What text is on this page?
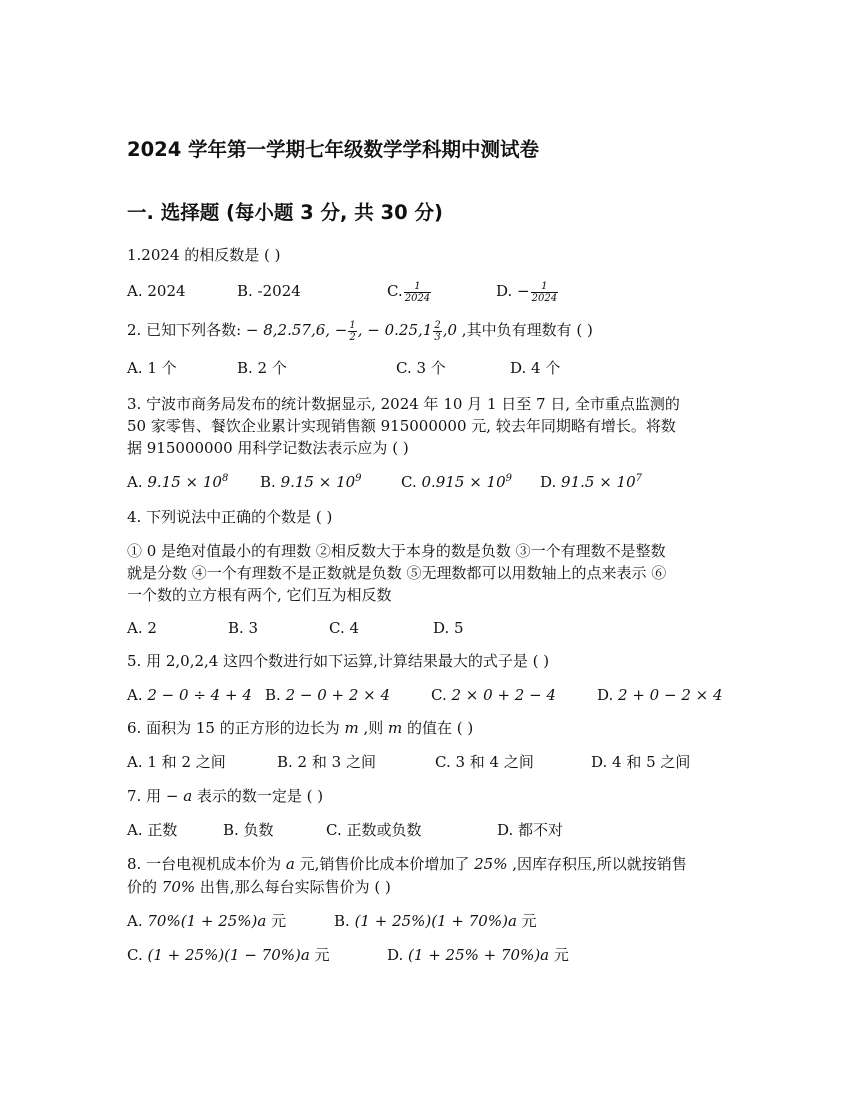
2024 学年第一学期七年级数学学科期中测试卷
一. 选择题 (每小题 3 分, 共 30 分)
1.2024 的相反数是 ( )
A. 2024	B. -2024	C. $\frac{1}{2024}$	D. − $\frac{1}{2024}$
2. 已知下列各数: − 8,2.57,6, − $\frac{1}{2}$ , − $0.25,1 \frac{2}{3} ,0$ ,其中负有理数有 ( )
A. 1 个	B. 2 个	C. 3 个	D. 4 个
3. 宁波市商务局发布的统计数据显示, 2024 年 10 月 1 日至 7 日, 全市重点监测的
50 家零售、餐饮企业累计实现销售额 915000000 元, 较去年同期略有增长。将数
据 915000000 用科学记数法表示应为 ( )
A. $9.15 \times 10^8$ B. $9.15 \times 10^9$	C. $0.915 \times 10^9$ D. $91.5 \times 10^7$
4. 下列说法中正确的个数是 ( )
① 0 是绝对值最小的有理数 ②相反数大于本身的数是负数 ③一个有理数不是整数
就是分数 ④一个有理数不是正数就是负数 ⑤无理数都可以用数轴上的点来表示 ⑥
一个数的立方根有两个, 它们互为相反数
A. 2	B. 3	C. 4	D. 5
5. 用 2,0,2,4 这四个数进行如下运算,计算结果最大的式子是 ( )
A. 2 − 0 ÷ 4 + 4 B. 2 − 0 + 2 × 4	C. 2 × 0 + 2 − 4	D. 2 + 0 − 2 × 4
6. 面积为 15 的正方形的边长为 m ,则 m 的值在 ( )
A. 1 和 2 之间	B. 2 和 3 之间	C. 3 和 4 之间	D. 4 和 5 之间
7. 用 − a 表示的数一定是 ( )
A. 正数	B. 负数	C. 正数或负数	D. 都不对
8. 一台电视机成本价为 a 元,销售价比成本价增加了 25% ,因库存积压,所以就按销售
价的 70% 出售,那么每台实际售价为 ( )
A. 70%(1 + 25%)a 元	B. (1 + 25%)(1 + 70%)a 元
C. (1 + 25%)(1 − 70%)a 元	D. (1 + 25% + 70%)a 元
